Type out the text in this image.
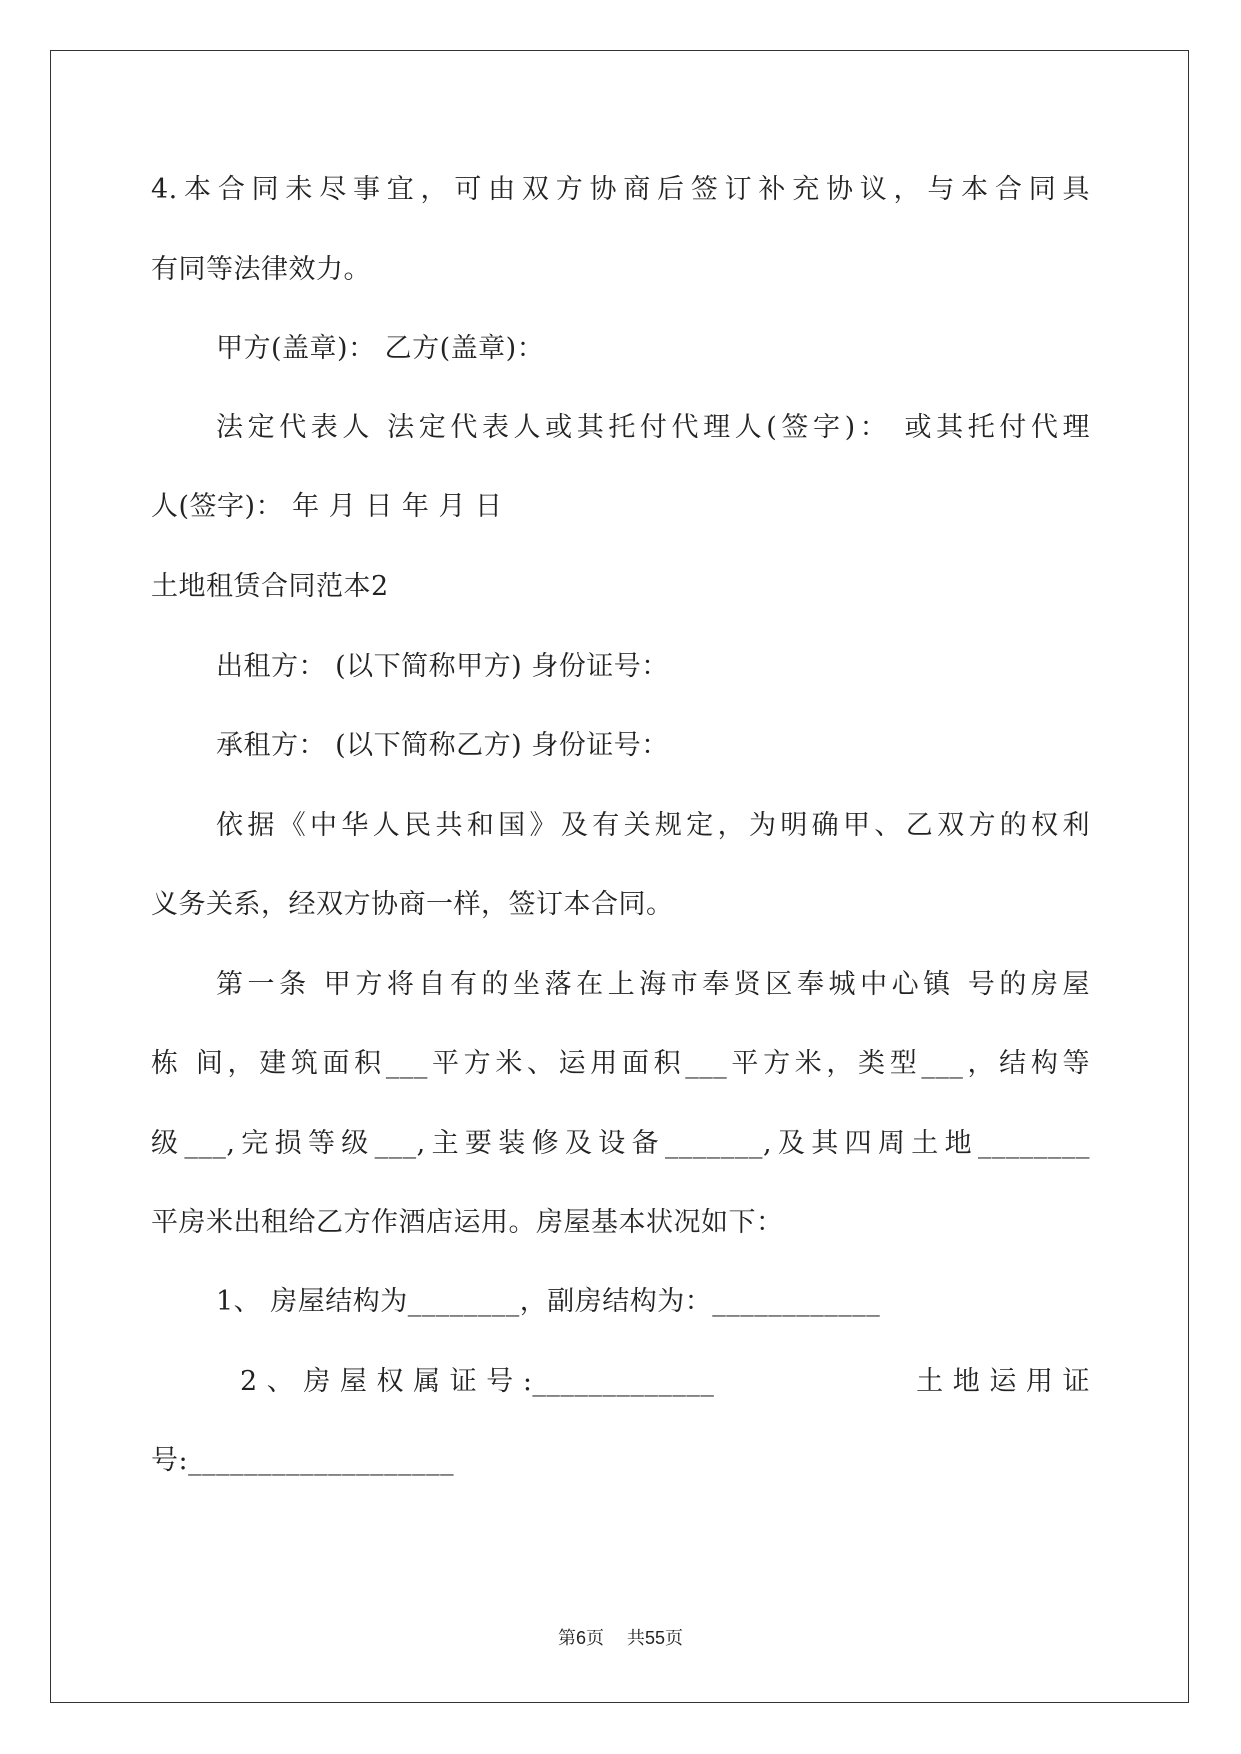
4.本合同未尽事宜，可由双方协商后签订补充协议，与本合同具
有同等法律效力。
甲方(盖章)： 乙方(盖章)：
法定代表人 法定代表人或其托付代理人(签字)： 或其托付代理
人(签字)： 年 月 日 年 月 日
土地租赁合同范本2
出租方： (以下简称甲方) 身份证号：
承租方： (以下简称乙方) 身份证号：
依据《中华人民共和国》及有关规定，为明确甲、乙双方的权利
义务关系，经双方协商一样，签订本合同。
第一条 甲方将自有的坐落在上海市奉贤区奉城中心镇 号的房屋
栋 间，建筑面积___平方米、运用面积___平方米，类型___，结构等
级___,完损等级___,主要装修及设备_______,及其四周土地________
平房米出租给乙方作酒店运用。房屋基本状况如下：
1、 房屋结构为________，副房结构为：____________
2 、 房 屋 权 属 证 号 :_____________	土 地 运 用 证
号:___________________
第6页    共55页
